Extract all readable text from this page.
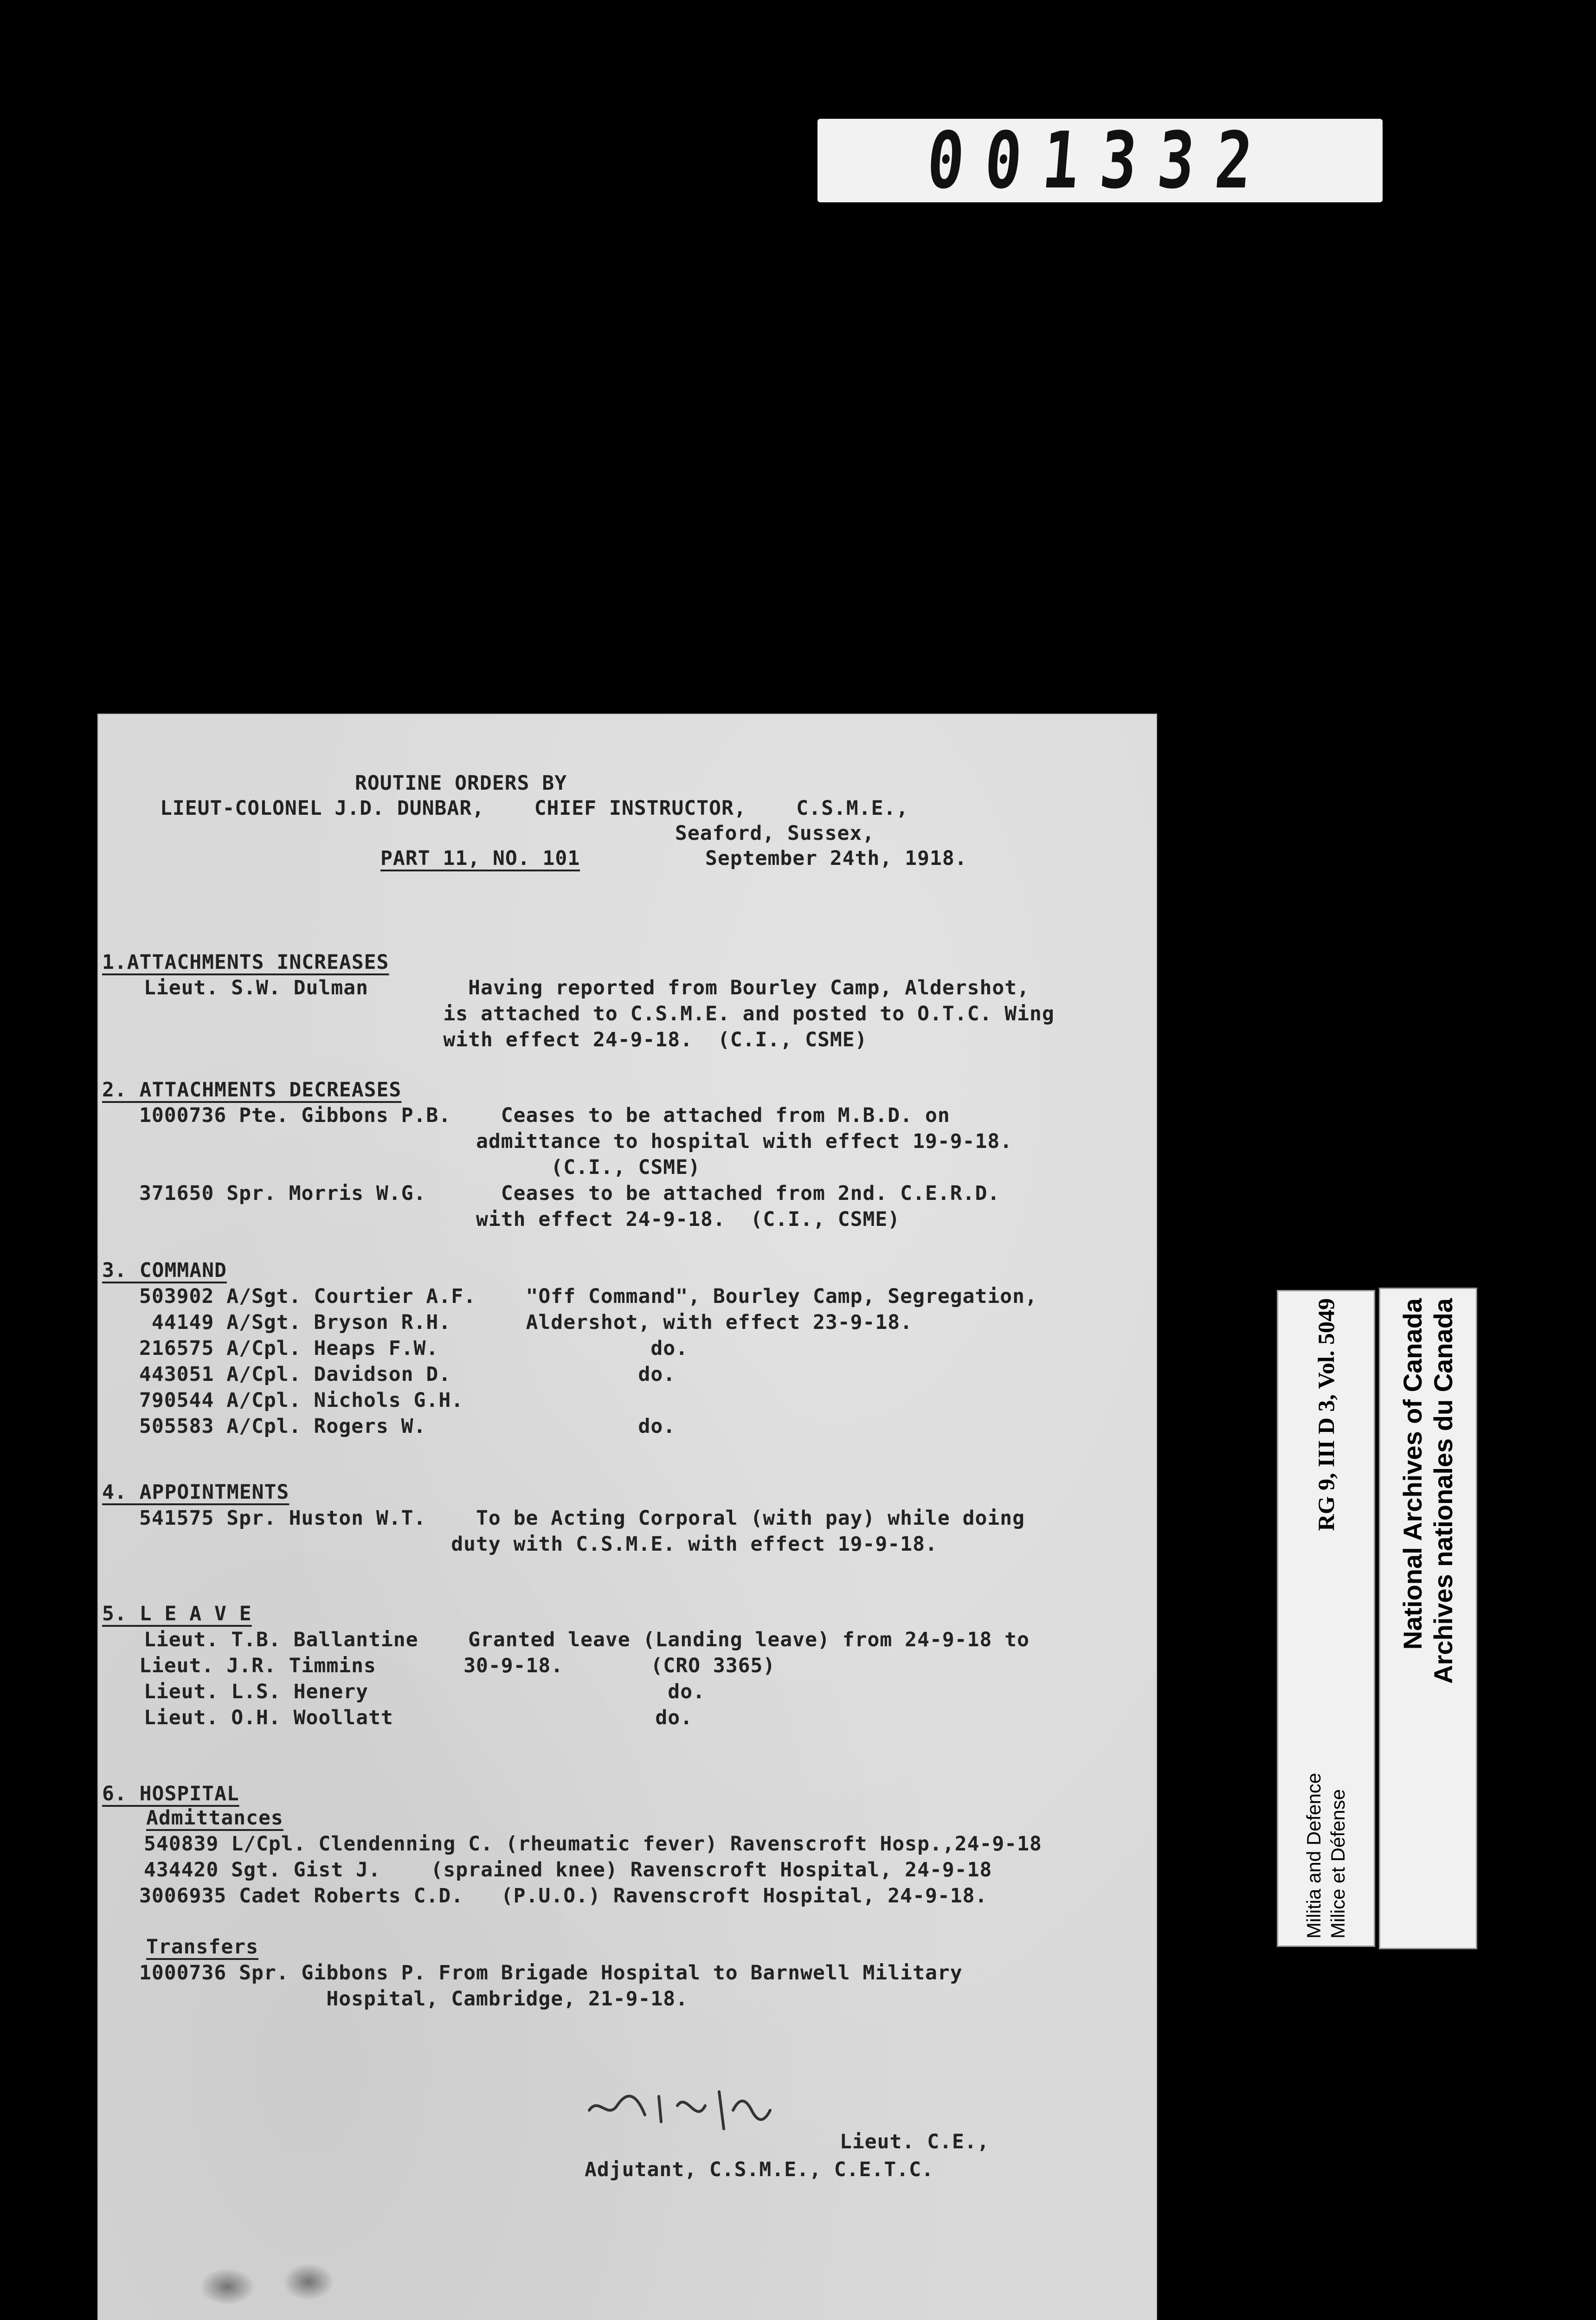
001332
ROUTINE ORDERS BY
LIEUT-COLONEL J.D. DUNBAR,    CHIEF INSTRUCTOR,    C.S.M.E.,
Seaford, Sussex,
PART 11, NO. 101	September 24th, 1918.
1.ATTACHMENTS INCREASES
Lieut. S.W. Dulman        Having reported from Bourley Camp, Aldershot,
is attached to C.S.M.E. and posted to O.T.C. Wing
with effect 24-9-18.  (C.I., CSME)
2. ATTACHMENTS DECREASES
1000736 Pte. Gibbons P.B.    Ceases to be attached from M.B.D. on
admittance to hospital with effect 19-9-18.
(C.I., CSME)
371650 Spr. Morris W.G.      Ceases to be attached from 2nd. C.E.R.D.
with effect 24-9-18.  (C.I., CSME)
3. COMMAND
503902 A/Sgt. Courtier A.F.    "Off Command", Bourley Camp, Segregation,
44149 A/Sgt. Bryson R.H.      Aldershot, with effect 23-9-18.
216575 A/Cpl. Heaps F.W.                 do.
443051 A/Cpl. Davidson D.               do.
790544 A/Cpl. Nichols G.H.
505583 A/Cpl. Rogers W.                 do.
4. APPOINTMENTS
541575 Spr. Huston W.T.    To be Acting Corporal (with pay) while doing
duty with C.S.M.E. with effect 19-9-18.
5. L E A V E
Lieut. T.B. Ballantine    Granted leave (Landing leave) from 24-9-18 to
Lieut. J.R. Timmins       30-9-18.       (CRO 3365)
Lieut. L.S. Henery                        do.
Lieut. O.H. Woollatt                     do.
6. HOSPITAL
Admittances
540839 L/Cpl. Clendenning C. (rheumatic fever) Ravenscroft Hosp.,24-9-18
434420 Sgt. Gist J.    (sprained knee) Ravenscroft Hospital, 24-9-18
3006935 Cadet Roberts C.D.   (P.U.O.) Ravenscroft Hospital, 24-9-18.
Transfers
1000736 Spr. Gibbons P. From Brigade Hospital to Barnwell Military
Hospital, Cambridge, 21-9-18.
Lieut. C.E.,
Adjutant, C.S.M.E., C.E.T.C.
Militia and Defence Milice et Défense
RG 9, III D 3, Vol. 5049	National Archives of Canada Archives nationales du Canada
